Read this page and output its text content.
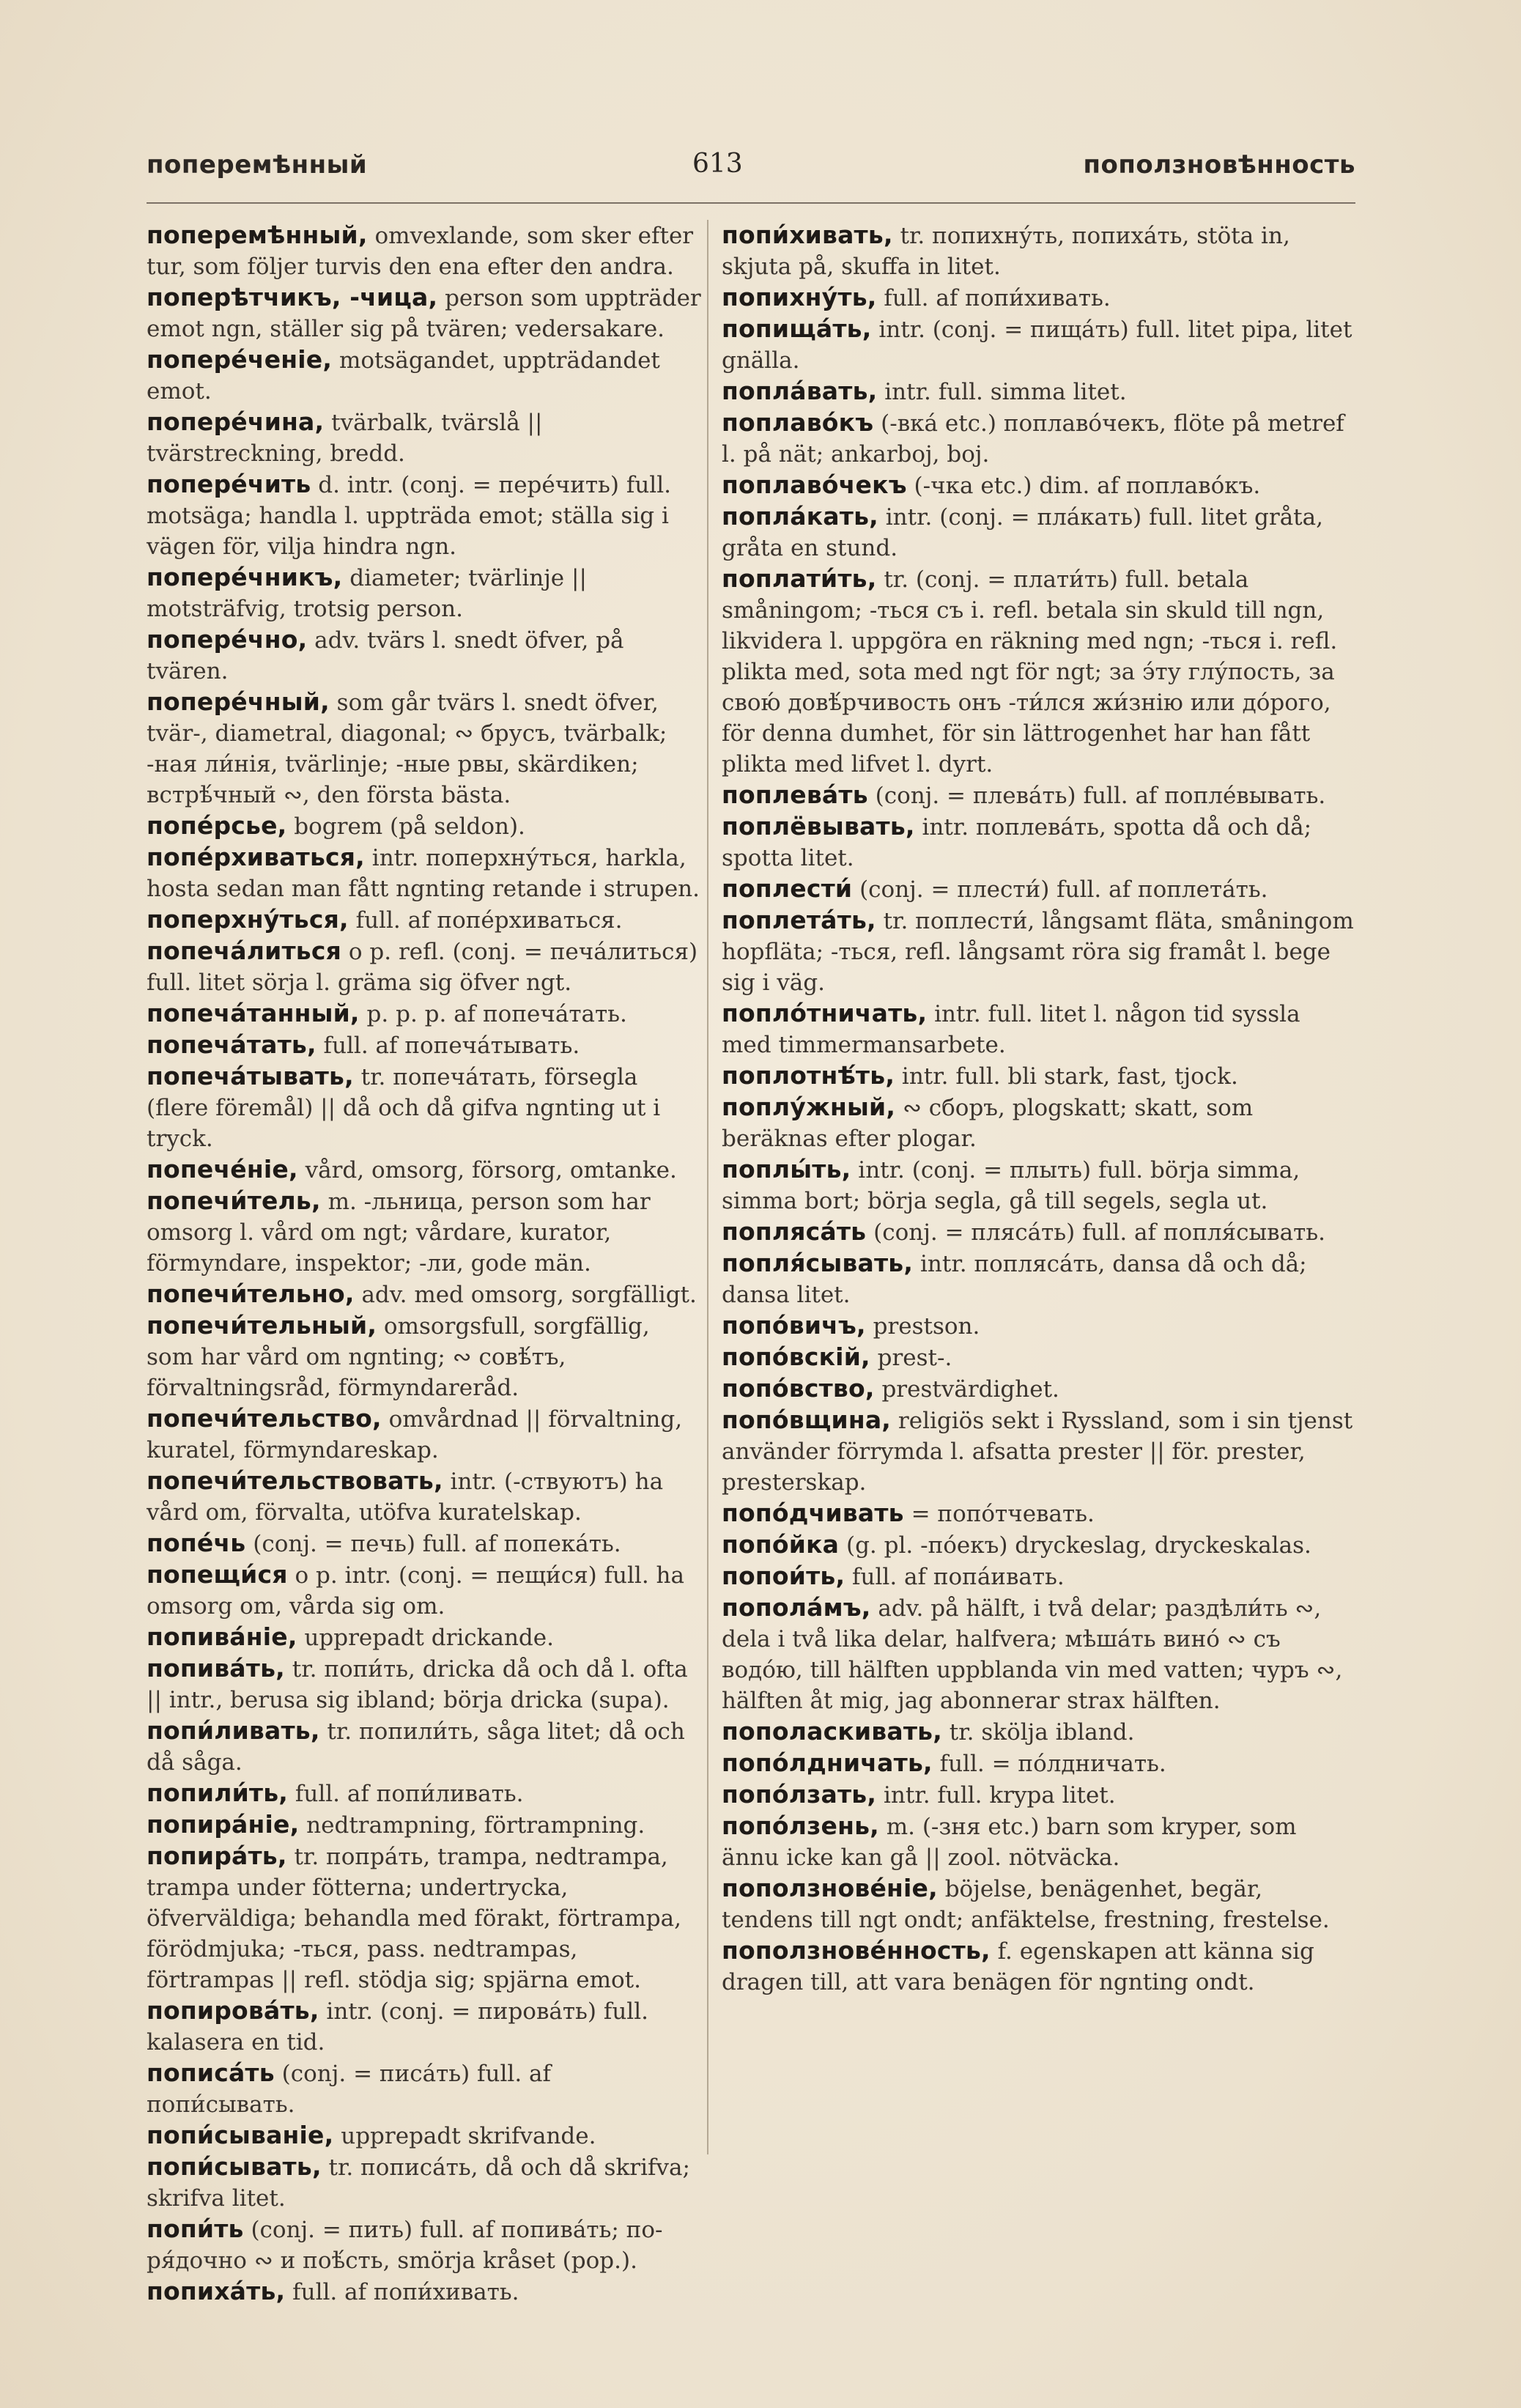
поперемѣнный	613	поползновѣнность

поперемѣнный, omvexlande, som sker efter tur, som följer turvis den ena efter den andra.

поперѣтчикъ, -чица, person som uppträder emot ngn, ställer sig på tvären; vedersakare.

попере́ченіе, motsägandet, uppträdandet emot.

попере́чина, tvärbalk, tvärslå || tvärstreckning, bredd.

попере́чить d. intr. (conj. = пере́чить) full. motsäga; handla l. uppträda emot; ställa sig i vägen för, vilja hindra ngn.

попере́чникъ, diameter; tvärlinje || motsträfvig, trotsig person.

попере́чно, adv. tvärs l. snedt öfver, på tvären.

попере́чный, som går tvärs l. snedt öfver, tvär-, diametral, diagonal; ∾ брусъ, tvärbalk; -ная ли́нія, tvärlinje; -ные рвы, skärdiken; встрѣ́чный ∾, den första bästa.

попе́рсье, bogrem (på seldon).

попе́рхиваться, intr. поперхну́ться, harkla, hosta sedan man fått ngnting retande i strupen.

поперхну́ться, full. af попе́рхиваться.

попеча́литься o p. refl. (conj. = печа́литься) full. litet sörja l. gräma sig öfver ngt.

попеча́танный, p. p. p. af попеча́тать.

попеча́тать, full. af попеча́тывать.

попеча́тывать, tr. попеча́тать, försegla (flere föremål) || då och då gifva ngnting ut i tryck.

попече́ніе, vård, omsorg, försorg, omtanke.

попечи́тель, m. -льница, person som har omsorg l. vård om ngt; vårdare, kurator, förmyndare, inspektor; -ли, gode män.

попечи́тельно, adv. med omsorg, sorgfälligt.

попечи́тельный, omsorgsfull, sorgfällig, som har vård om ngnting; ∾ совѣ́тъ, förvaltningsråd, förmyndareråd.

попечи́тельство, omvårdnad || förvaltning, kuratel, förmyndareskap.

попечи́тельствовать, intr. (-ствуютъ) ha vård om, förvalta, utöfva kuratelskap.

попе́чь (conj. = печь) full. af попека́ть.

попещи́ся o p. intr. (conj. = пещи́ся) full. ha omsorg om, vårda sig om.

попива́ніе, upprepadt drickande.

попива́ть, tr. попи́ть, dricka då och då l. ofta || intr., berusa sig ibland; börja dricka (supa).

попи́ливать, tr. попили́ть, såga litet; då och då såga.

попили́ть, full. af попи́ливать.

попира́ніе, nedtrampning, förtrampning.

попира́ть, tr. попра́ть, trampa, nedtrampa, trampa under fötterna; undertrycka, öfverväldiga; behandla med förakt, förtrampa, förödmjuka; -ться, pass. nedtrampas, förtrampas || refl. stödja sig; spjärna emot.

попирова́ть, intr. (conj. = пирова́ть) full. kalasera en tid.

пописа́ть (conj. = писа́ть) full. af попи́сывать.

попи́сываніе, upprepadt skrifvande.

попи́сывать, tr. пописа́ть, då och då skrifva; skrifva litet.

попи́ть (conj. = пить) full. af попива́ть; по-ря́дочно ∾ и поѣ́сть, smörja kråset (pop.).

попиха́ть, full. af попи́хивать.

попи́хивать, tr. попихну́ть, попиха́ть, stöta in, skjuta på, skuffa in litet.

попихну́ть, full. af попи́хивать.

попища́ть, intr. (conj. = пища́ть) full. litet pipa, litet gnälla.

попла́вать, intr. full. simma litet.

поплаво́къ (-вка́ etc.) поплаво́чекъ, flöte på metref l. på nät; ankarboj, boj.

поплаво́чекъ (-чка etc.) dim. af поплаво́къ.

попла́кать, intr. (conj. = пла́кать) full. litet gråta, gråta en stund.

поплати́ть, tr. (conj. = плати́ть) full. betala småningom; -ться съ i. refl. betala sin skuld till ngn, likvidera l. uppgöra en räkning med ngn; -ться i. refl. plikta med, sota med ngt för ngt; за э́ту глу́пость, за свою́ довѣ́рчивость онъ -ти́лся жи́знію или до́рого, för denna dumhet, för sin lättrogenhet har han fått plikta med lifvet l. dyrt.

поплева́ть (conj. = плева́ть) full. af попле́вывать.

поплёвывать, intr. поплева́ть, spotta då och då; spotta litet.

поплести́ (conj. = плести́) full. af поплета́ть.

поплета́ть, tr. поплести́, långsamt fläta, småningom hopfläta; -ться, refl. långsamt röra sig framåt l. bege sig i väg.

попло́тничать, intr. full. litet l. någon tid syssla med timmermansarbete.

поплотнѣ́ть, intr. full. bli stark, fast, tjock.

поплу́жный, ∾ сборъ, plogskatt; skatt, som beräknas efter plogar.

поплы́ть, intr. (conj. = плыть) full. börja simma, simma bort; börja segla, gå till segels, segla ut.

попляса́ть (conj. = пляса́ть) full. af попля́сывать.

попля́сывать, intr. попляса́ть, dansa då och då; dansa litet.

попо́вичъ, prestson.

попо́вскій, prest-.

попо́вство, prestvärdighet.

попо́вщина, religiös sekt i Ryssland, som i sin tjenst använder förrymda l. afsatta prester || för. prester, presterskap.

попо́дчивать = попо́тчевать.

попо́йка (g. pl. -по́екъ) dryckeslag, dryckeskalas.

попои́ть, full. af попа́ивать.

попола́мъ, adv. på hälft, i två delar; раздѣли́ть ∾, dela i två lika delar, halfvera; мѣша́ть вино́ ∾ съ водо́ю, till hälften uppblanda vin med vatten; чуръ ∾, hälften åt mig, jag abonnerar strax hälften.

пополаскивать, tr. skölja ibland.

попо́лдничать, full. = по́лдничать.

попо́лзать, intr. full. krypa litet.

попо́лзень, m. (-зня etc.) barn som kryper, som ännu icke kan gå || zool. nötväcka.

поползнове́ніе, böjelse, benägenhet, begär, tendens till ngt ondt; anfäktelse, frestning, frestelse.

поползнове́нность, f. egenskapen att känna sig dragen till, att vara benägen för ngnting ondt.
